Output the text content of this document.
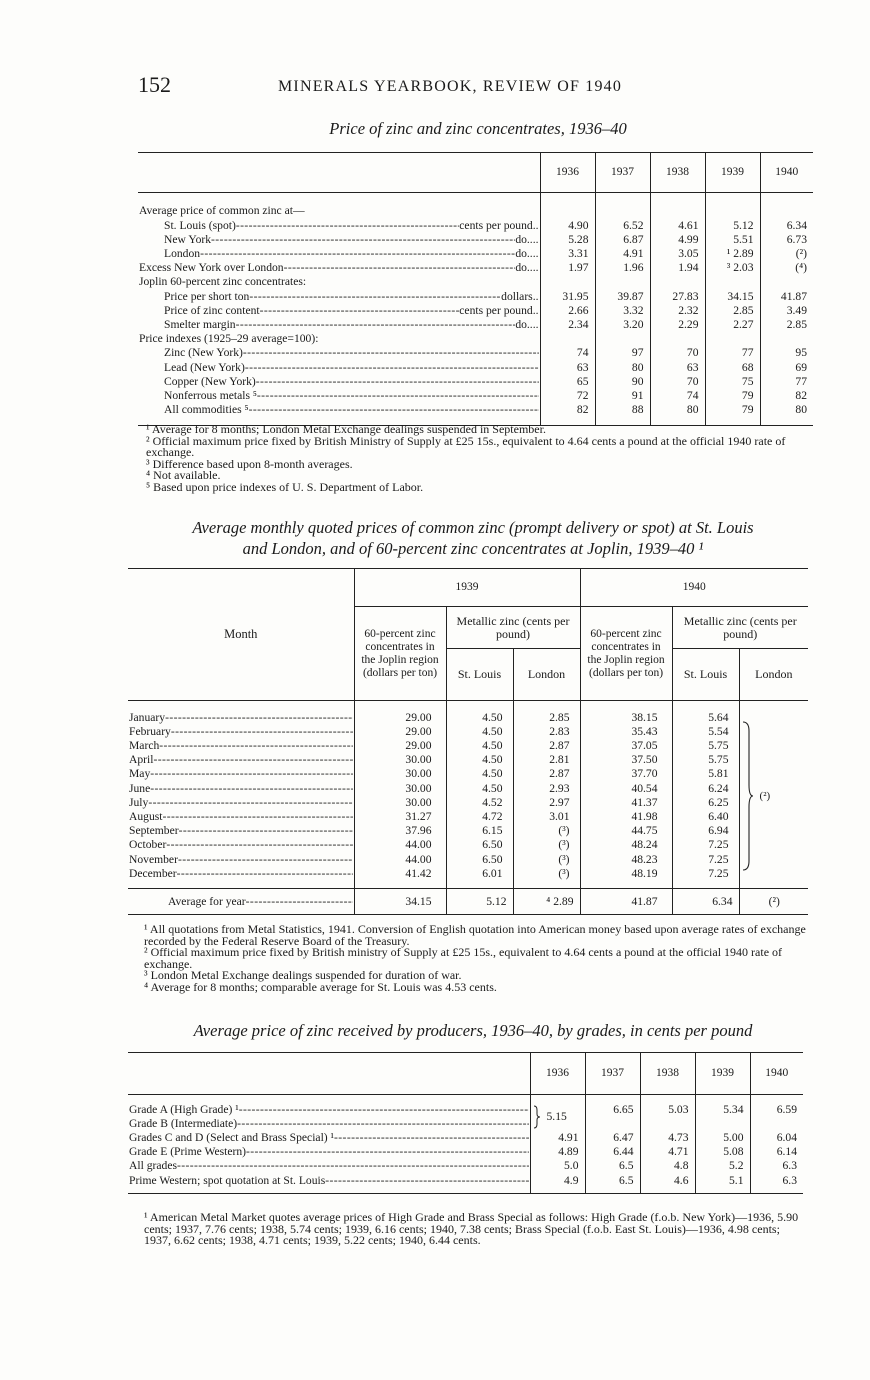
152	MINERALS YEARBOOK, REVIEW OF 1940
Price of zinc and zinc concentrates, 1936–40
	1936	1937	1938	1939	1940

Average price of common zinc at—					

St. Louis (spot) ----- cents per pound..	4.90	6.52	4.61	5.12	6.34

New York ----- do....	5.28	6.87	4.99	5.51	6.73

London ----- do....	3.31	4.91	3.05	¹ 2.89	(²)

Excess New York over London ----- do....	1.97	1.96	1.94	³ 2.03	(⁴)

Joplin 60-percent zinc concentrates:					

Price per short ton ----- dollars..	31.95	39.87	27.83	34.15	41.87

Price of zinc content ----- cents per pound..	2.66	3.32	2.32	2.85	3.49

Smelter margin ----- do....	2.34	3.20	2.29	2.27	2.85

Price indexes (1925–29 average=100):					

Zinc (New York)
-----	74	97	70	77	95

Lead (New York)
-----	63	80	63	68	69

Copper (New York)
-----	65	90	70	75	77

Nonferrous metals ⁵
-----	72	91	74	79	82

All commodities ⁵
-----	82	88	80	79	80

¹ Average for 8 months; London Metal Exchange dealings suspended in September.

² Official maximum price fixed by British Ministry of Supply at £25 15s., equivalent to 4.64 cents a pound at the official 1940 rate of exchange.

³ Difference based upon 8-month averages.

⁴ Not available.

⁵ Based upon price indexes of U. S. Department of Labor.

Average monthly quoted prices of common zinc (prompt delivery or spot) at St. Louis
and London, and of 60-percent zinc concentrates at Joplin, 1939–40 ¹
Month	1939			1940		
	60-percent zinc concentrates in the Joplin region (dollars per ton)	Metallic zinc (cents per pound)		60-percent zinc concentrates in the Joplin region (dollars per ton)	Metallic zinc (cents per pound)	
		St. Louis	London		St. Louis	London

January
-----	29.00	4.50	2.85	38.15	5.64	(²)

February
-----	29.00	4.50	2.83	35.43	5.54	

March
-----	29.00	4.50	2.87	37.05	5.75	

April
-----	30.00	4.50	2.81	37.50	5.75	

May
-----	30.00	4.50	2.87	37.70	5.81	

June
-----	30.00	4.50	2.93	40.54	6.24	

July
-----	30.00	4.52	2.97	41.37	6.25	

August
-----	31.27	4.72	3.01	41.98	6.40	

September
-----	37.96	6.15	(³)	44.75	6.94	

October
-----	44.00	6.50	(³)	48.24	7.25	

November
-----	44.00	6.50	(³)	48.23	7.25	

December
-----	41.42	6.01	(³)	48.19	7.25	

Average for year
-----	34.15	5.12	⁴ 2.89	41.87	6.34	(²)

¹ All quotations from Metal Statistics, 1941. Conversion of English quotation into American money based upon average rates of exchange recorded by the Federal Reserve Board of the Treasury.

² Official maximum price fixed by British ministry of Supply at £25 15s., equivalent to 4.64 cents a pound at the official 1940 rate of exchange.

³ London Metal Exchange dealings suspended for duration of war.

⁴ Average for 8 months; comparable average for St. Louis was 4.53 cents.

Average price of zinc received by producers, 1936–40, by grades, in cents per pound
	1936	1937	1938	1939	1940

Grade A (High Grade) ¹
-----	5.15	6.65	5.03	5.34	6.59

Grade B (Intermediate)
-----

Grades C and D (Select and Brass Special) ¹
-----	4.91	6.47	4.73	5.00	6.04

Grade E (Prime Western)
-----	4.89	6.44	4.71	5.08	6.14

All grades
-----	5.0	6.5	4.8	5.2	6.3

Prime Western; spot quotation at St. Louis
-----	4.9	6.5	4.6	5.1	6.3

¹ American Metal Market quotes average prices of High Grade and Brass Special as follows: High Grade (f.o.b. New York)—1936, 5.90 cents; 1937, 7.76 cents; 1938, 5.74 cents; 1939, 6.16 cents; 1940, 7.38 cents; Brass Special (f.o.b. East St. Louis)—1936, 4.98 cents; 1937, 6.62 cents; 1938, 4.71 cents; 1939, 5.22 cents; 1940, 6.44 cents.
